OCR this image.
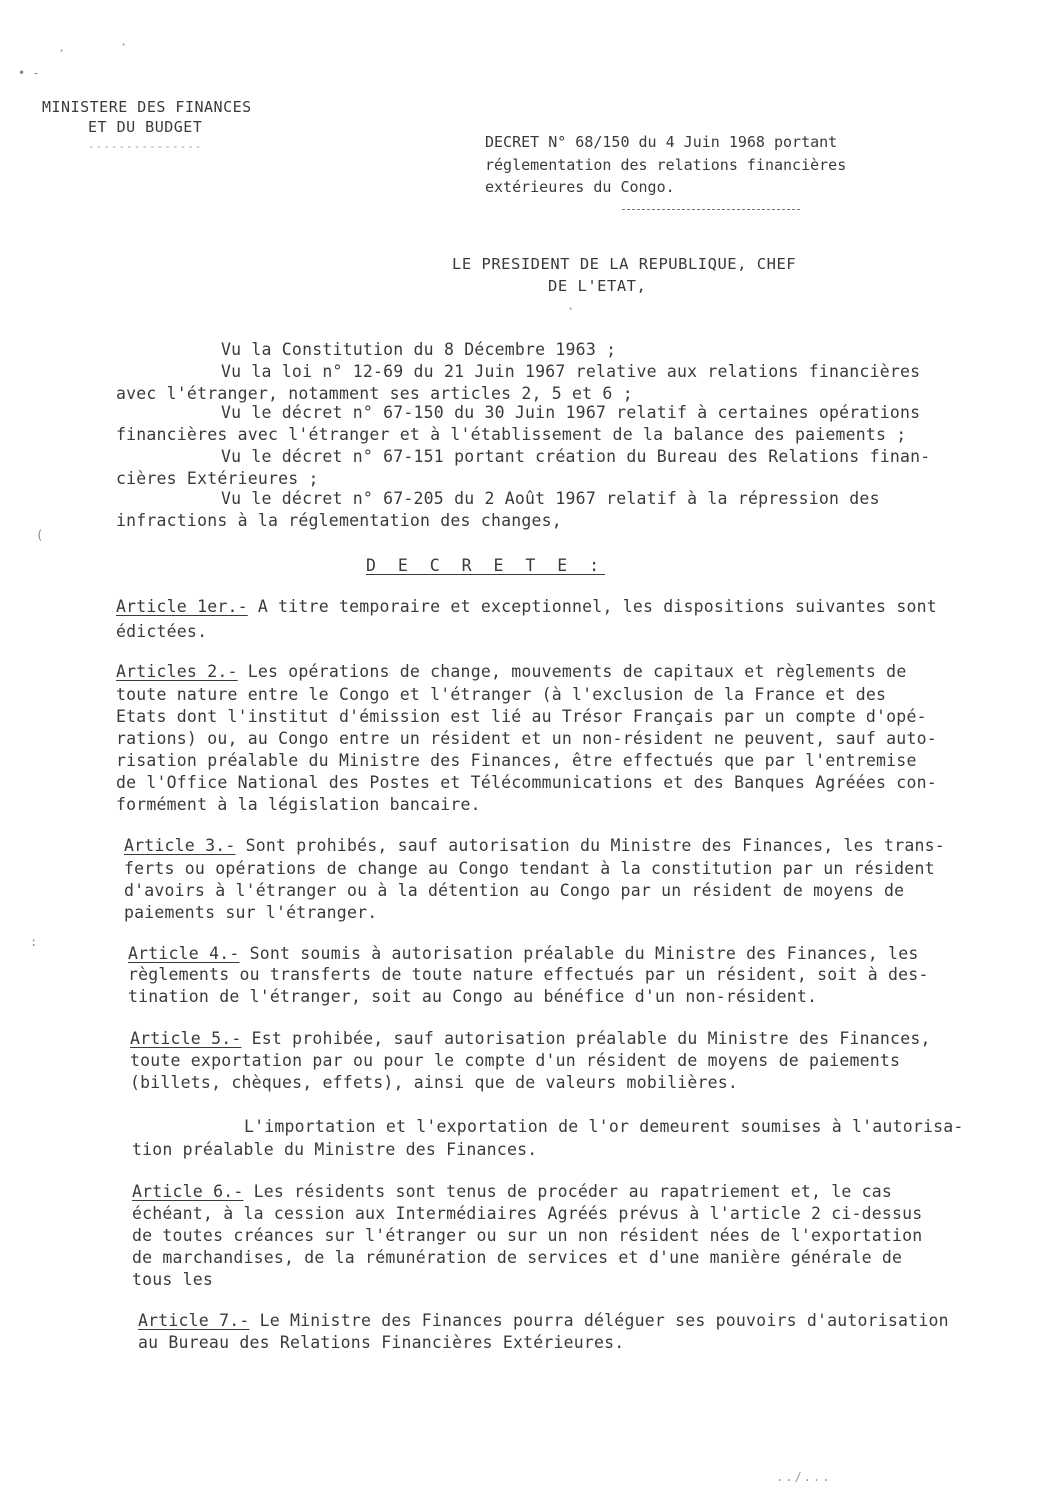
·	·
• -
MINISTERE DES FINANCES
ET DU BUDGET
---------------	DECRET N° 68/150 du 4 Juin 1968 portant
réglementation des relations financières
extérieures du Congo.
LE PRESIDENT DE LA REPUBLIQUE, CHEF
DE L'ETAT,
·
Vu la Constitution du 8 Décembre 1963 ;
Vu la loi n° 12-69 du 21 Juin 1967 relative aux relations financières
avec l'étranger, notamment ses articles 2, 5 et 6 ;
Vu le décret n° 67-150 du 30 Juin 1967 relatif à certaines opérations
financières avec l'étranger et à l'établissement de la balance des paiements ;
Vu le décret n° 67-151 portant création du Bureau des Relations finan-
cières Extérieures ;
Vu le décret n° 67-205 du 2 Août 1967 relatif à la répression des
infractions à la réglementation des changes,
(
D E C R E T E :
Article 1er.- A titre temporaire et exceptionnel, les dispositions suivantes sont
édictées.
Articles 2.- Les opérations de change, mouvements de capitaux et règlements de
toute nature entre le Congo et l'étranger (à l'exclusion de la France et des
Etats dont l'institut d'émission est lié au Trésor Français par un compte d'opé-
rations) ou, au Congo entre un résident et un non-résident ne peuvent, sauf auto-
risation préalable du Ministre des Finances, être effectués que par l'entremise
de l'Office National des Postes et Télécommunications et des Banques Agréées con-
formément à la législation bancaire.
Article 3.- Sont prohibés, sauf autorisation du Ministre des Finances, les trans-
ferts ou opérations de change au Congo tendant à la constitution par un résident
d'avoirs à l'étranger ou à la détention au Congo par un résident de moyens de
paiements sur l'étranger.
:
Article 4.- Sont soumis à autorisation préalable du Ministre des Finances, les
règlements ou transferts de toute nature effectués par un résident, soit à des-
tination de l'étranger, soit au Congo au bénéfice d'un non-résident.
Article 5.- Est prohibée, sauf autorisation préalable du Ministre des Finances,
toute exportation par ou pour le compte d'un résident de moyens de paiements
(billets, chèques, effets), ainsi que de valeurs mobilières.
L'importation et l'exportation de l'or demeurent soumises à l'autorisa-
tion préalable du Ministre des Finances.
Article 6.- Les résidents sont tenus de procéder au rapatriement et, le cas
échéant, à la cession aux Intermédiaires Agréés prévus à l'article 2 ci-dessus
de toutes créances sur l'étranger ou sur un non résident nées de l'exportation
de marchandises, de la rémunération de services et d'une manière générale de
tous les
Article 7.- Le Ministre des Finances pourra déléguer ses pouvoirs d'autorisation
au Bureau des Relations Financières Extérieures.
../...
